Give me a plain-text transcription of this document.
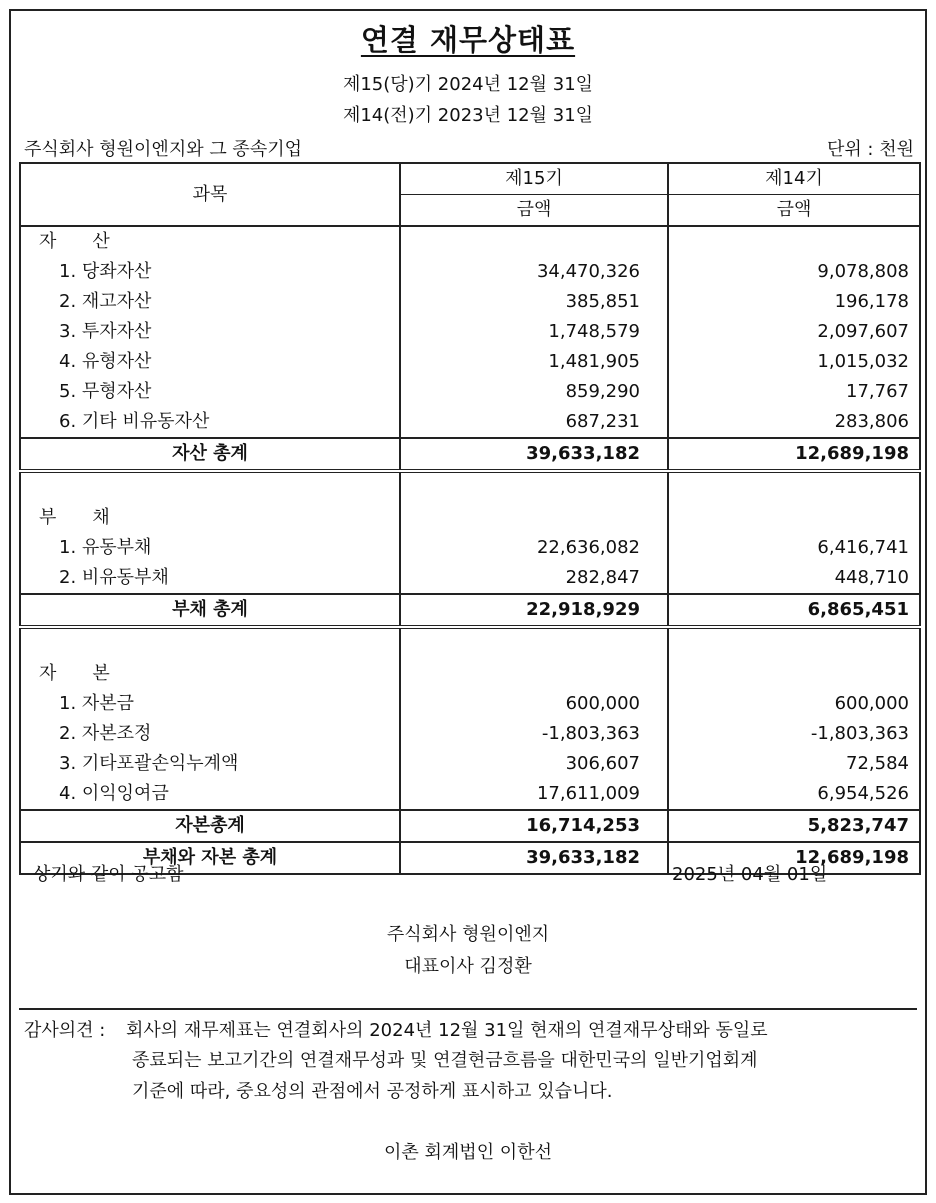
연결 재무상태표
제15(당)기 2024년 12월 31일
제14(전)기 2023년 12월 31일
주식회사 형원이엔지와 그 종속기업	단위 : 천원
과목	제15기	제14기
	금액	금액
자　　산		
1. 당좌자산	34,470,326	9,078,808
2. 재고자산	385,851	196,178
3. 투자자산	1,748,579	2,097,607
4. 유형자산	1,481,905	1,015,032
5. 무형자산	859,290	17,767
6. 기타 비유동자산	687,231	283,806
자산 총계	39,633,182	12,689,198

부　　채		
1. 유동부채	22,636,082	6,416,741
2. 비유동부채	282,847	448,710
부채 총계	22,918,929	6,865,451

자　　본		
1. 자본금	600,000	600,000
2. 자본조정	-1,803,363	-1,803,363
3. 기타포괄손익누계액	306,607	72,584
4. 이익잉여금	17,611,009	6,954,526
자본총계	16,714,253	5,823,747
부채와 자본 총계	39,633,182	12,689,198
상기와 같이 공고함	2025년 04월 01일
주식회사 형원이엔지
대표이사 김정환
감사의견 : 회사의 재무제표는 연결회사의 2024년 12월 31일 현재의 연결재무상태와 동일로
종료되는 보고기간의 연결재무성과 및 연결현금흐름을 대한민국의 일반기업회계
기준에 따라, 중요성의 관점에서 공정하게 표시하고 있습니다.
이촌 회계법인 이한선
